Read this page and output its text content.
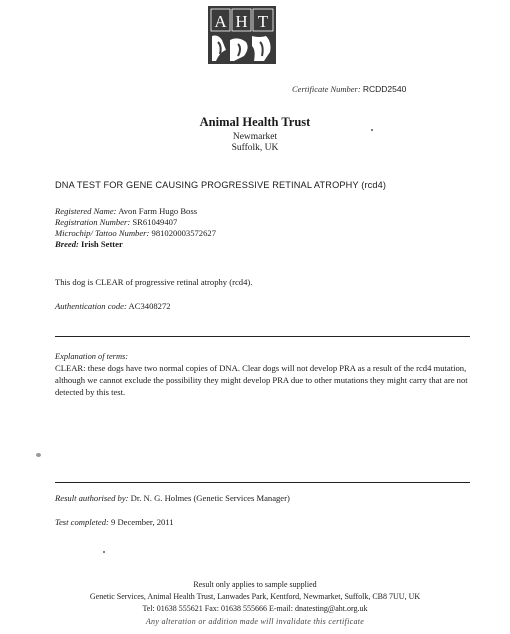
A H T
Certificate Number: RCDD2540
Animal Health Trust
Newmarket
Suffolk, UK
DNA TEST FOR GENE CAUSING PROGRESSIVE RETINAL ATROPHY (rcd4)
Registered Name: Avon Farm Hugo Boss
Registration Number: SR61049407
Microchip/ Tattoo Number: 981020003572627
Breed: Irish Setter
This dog is CLEAR of progressive retinal atrophy (rcd4).
Authentication code: AC3408272
Explanation of terms:
CLEAR: these dogs have two normal copies of DNA. Clear dogs will not develop PRA as a result of the rcd4 mutation, although we cannot exclude the possibility they might develop PRA due to other mutations they might carry that are not detected by this test.
Result authorised by: Dr. N. G. Holmes (Genetic Services Manager)
Test completed: 9 December, 2011
Result only applies to sample supplied
Genetic Services, Animal Health Trust, Lanwades Park, Kentford, Newmarket, Suffolk, CB8 7UU, UK
Tel: 01638 555621 Fax: 01638 555666 E-mail: dnatesting@aht.org.uk
Any alteration or addition made will invalidate this certificate
